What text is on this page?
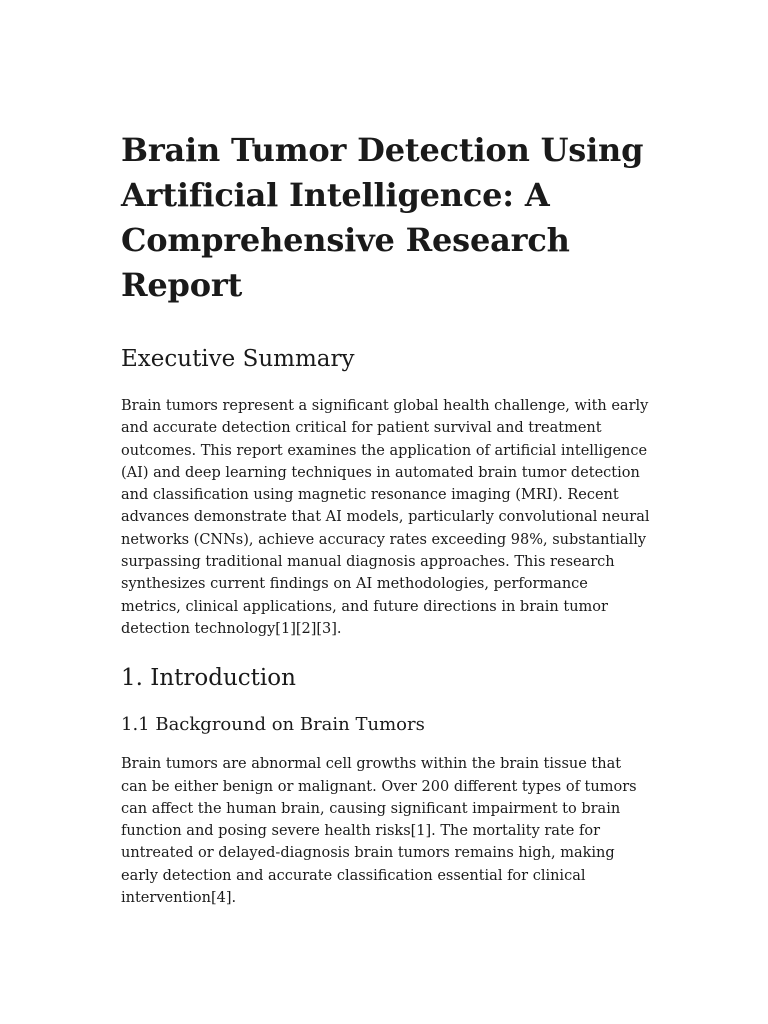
Brain Tumor Detection Using Artificial Intelligence: A Comprehensive Research Report
Executive Summary

Brain tumors represent a significant global health challenge, with early and accurate detection critical for patient survival and treatment outcomes. This report examines the application of artificial intelligence (AI) and deep learning techniques in automated brain tumor detection and classification using magnetic resonance imaging (MRI). Recent advances demonstrate that AI models, particularly convolutional neural networks (CNNs), achieve accuracy rates exceeding 98%, substantially surpassing traditional manual diagnosis approaches. This research synthesizes current findings on AI methodologies, performance metrics, clinical applications, and future directions in brain tumor detection technology[1][2][3].

1. Introduction
1.1 Background on Brain Tumors

Brain tumors are abnormal cell growths within the brain tissue that can be either benign or malignant. Over 200 different types of tumors can affect the human brain, causing significant impairment to brain function and posing severe health risks[1]. The mortality rate for untreated or delayed-diagnosis brain tumors remains high, making early detection and accurate classification essential for clinical intervention[4].
